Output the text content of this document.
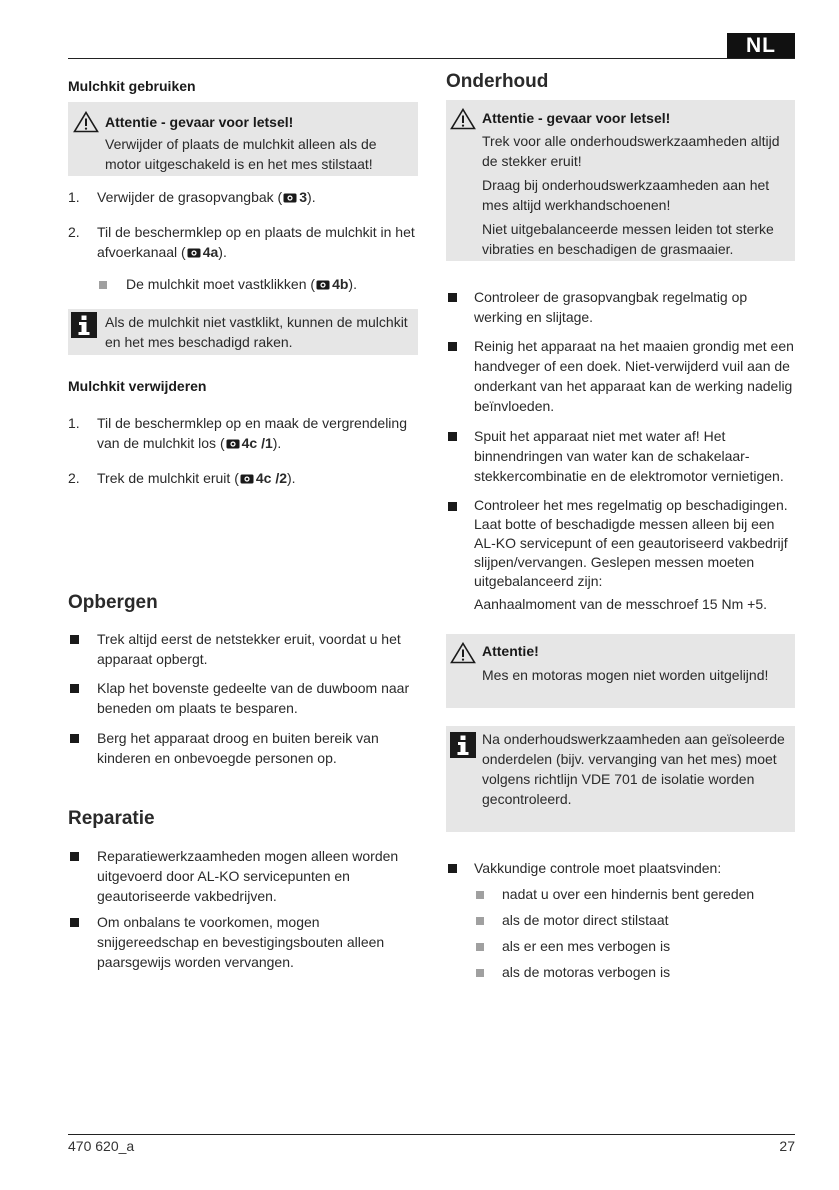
NL
Mulchkit gebruiken
Attentie - gevaar voor letsel!

Verwijder of plaats de mulchkit alleen als de motor uitgeschakeld is en het mes stilstaat!

1. Verwijder de grasopvangbak ( 3).
2. Til de beschermklep op en plaats de mulchkit in het afvoerkanaal ( 4a).
De mulchkit moet vastklikken ( 4b).

Als de mulchkit niet vastklikt, kunnen de mulchkit en het mes beschadigd raken.

Mulchkit verwijderen
1. Til de beschermklep op en maak de vergrendeling van de mulchkit los ( 4c /1).
2. Trek de mulchkit eruit ( 4c /2).
Opbergen
Trek altijd eerst de netstekker eruit, voordat u het apparaat opbergt.
Klap het bovenste gedeelte van de duwboom naar beneden om plaats te besparen.
Berg het apparaat droog en buiten bereik van kinderen en onbevoegde personen op.
Reparatie
Reparatiewerkzaamheden mogen alleen worden uitgevoerd door AL-KO servicepunten en geautoriseerde vakbedrijven.
Om onbalans te voorkomen, mogen snijgereedschap en bevestigingsbouten alleen paarsgewijs worden vervangen.
Onderhoud
Attentie - gevaar voor letsel!

Trek voor alle onderhoudswerkzaamheden altijd de stekker eruit!

Draag bij onderhoudswerkzaamheden aan het mes altijd werkhandschoenen!

Niet uitgebalanceerde messen leiden tot sterke vibraties en beschadigen de grasmaaier.

Controleer de grasopvangbak regelmatig op werking en slijtage.
Reinig het apparaat na het maaien grondig met een handveger of een doek. Niet-verwijderd vuil aan de onderkant van het apparaat kan de werking nadelig beïnvloeden.
Spuit het apparaat niet met water af! Het binnendringen van water kan de schakelaar-stekkercombinatie en de elektromotor vernietigen.
Controleer het mes regelmatig op beschadigingen. Laat botte of beschadigde messen alleen bij een AL-KO servicepunt of een geautoriseerd vakbedrijf slijpen/vervangen. Geslepen messen moeten uitgebalanceerd zijn:
Aanhaalmoment van de messchroef 15 Nm +5.
Attentie!

Mes en motoras mogen niet worden uitgelijnd!

Na onderhoudswerkzaamheden aan geïsoleerde onderdelen (bijv. vervanging van het mes) moet volgens richtlijn VDE 701 de isolatie worden gecontroleerd.

Vakkundige controle moet plaatsvinden:
nadat u over een hindernis bent gereden
als de motor direct stilstaat
als er een mes verbogen is
als de motoras verbogen is
470 620_a	27
